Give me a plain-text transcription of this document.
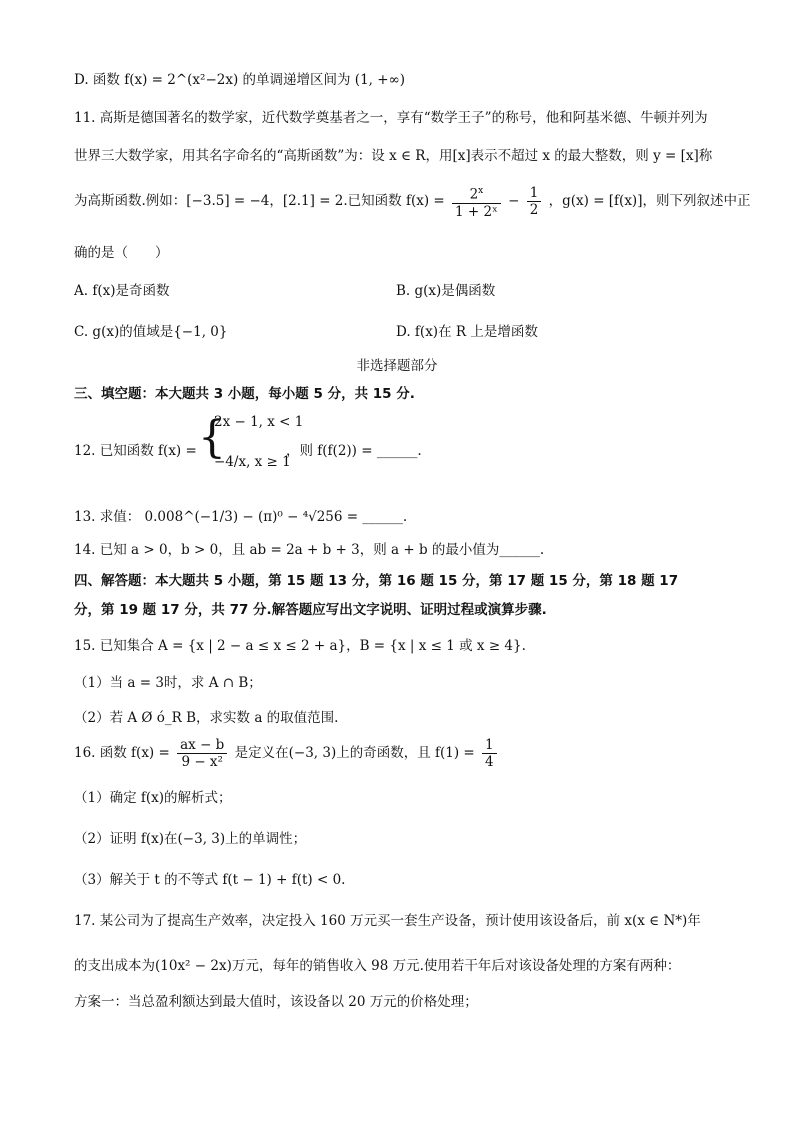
D. 函数 f(x) = 2^(x²−2x) 的单调递增区间为 (1, +∞)
11. 高斯是德国著名的数学家，近代数学奠基者之一，享有“数学王子”的称号，他和阿基米德、牛顿并列为
世界三大数学家，用其名字命名的“高斯函数”为：设 x ∈ R，用[x]表示不超过 x 的最大整数，则 y = [x]称
为高斯函数.例如：[−3.5] = −4，[2.1] = 2.已知函数 $f(x) = \frac{2^x}{\text{1 + 2ˣ}} - \frac{1}{2}$ ，g(x) = [f(x)]，则下列叙述中正
确的是（　　）
A. f(x)是奇函数	B. g(x)是偶函数
C. g(x)的值域是{−1, 0}	D. f(x)在 R 上是增函数
非选择题部分
三、填空题：本大题共 3 小题，每小题 5 分，共 15 分.
12. 已知函数 f(x) = {
2x − 1, x < 1
−4/x, x ≥ 1
，则 f(f(2)) = ______.
13. 求值： 0.008^(−1/3) − (π)⁰ − ⁴√256 = ______.
14. 已知 a > 0，b > 0，且 ab = 2a + b + 3，则 a + b 的最小值为______.
四、解答题：本大题共 5 小题，第 15 题 13 分，第 16 题 15 分，第 17 题 15 分，第 18 题 17
分，第 19 题 17 分，共 77 分.解答题应写出文字说明、证明过程或演算步骤.
15. 已知集合 A = {x | 2 − a ≤ x ≤ 2 + a}，B = {x | x ≤ 1 或 x ≥ 4}.
（1）当 a = 3时，求 A ∩ B；
（2）若 A Ø ó_R B，求实数 a 的取值范围.
16. 函数 $f(x) = \frac{ax - b}{\text{9 − x²}}$ 是定义在(−3, 3)上的奇函数，且 $f(1) = \frac{1}{4}$
（1）确定 f(x)的解析式；
（2）证明 f(x)在(−3, 3)上的单调性；
（3）解关于 t 的不等式 f(t − 1) + f(t) < 0.
17. 某公司为了提高生产效率，决定投入 160 万元买一套生产设备，预计使用该设备后，前 x(x ∈ N*)年
的支出成本为(10x² − 2x)万元，每年的销售收入 98 万元.使用若干年后对该设备处理的方案有两种：
方案一：当总盈利额达到最大值时，该设备以 20 万元的价格处理；
